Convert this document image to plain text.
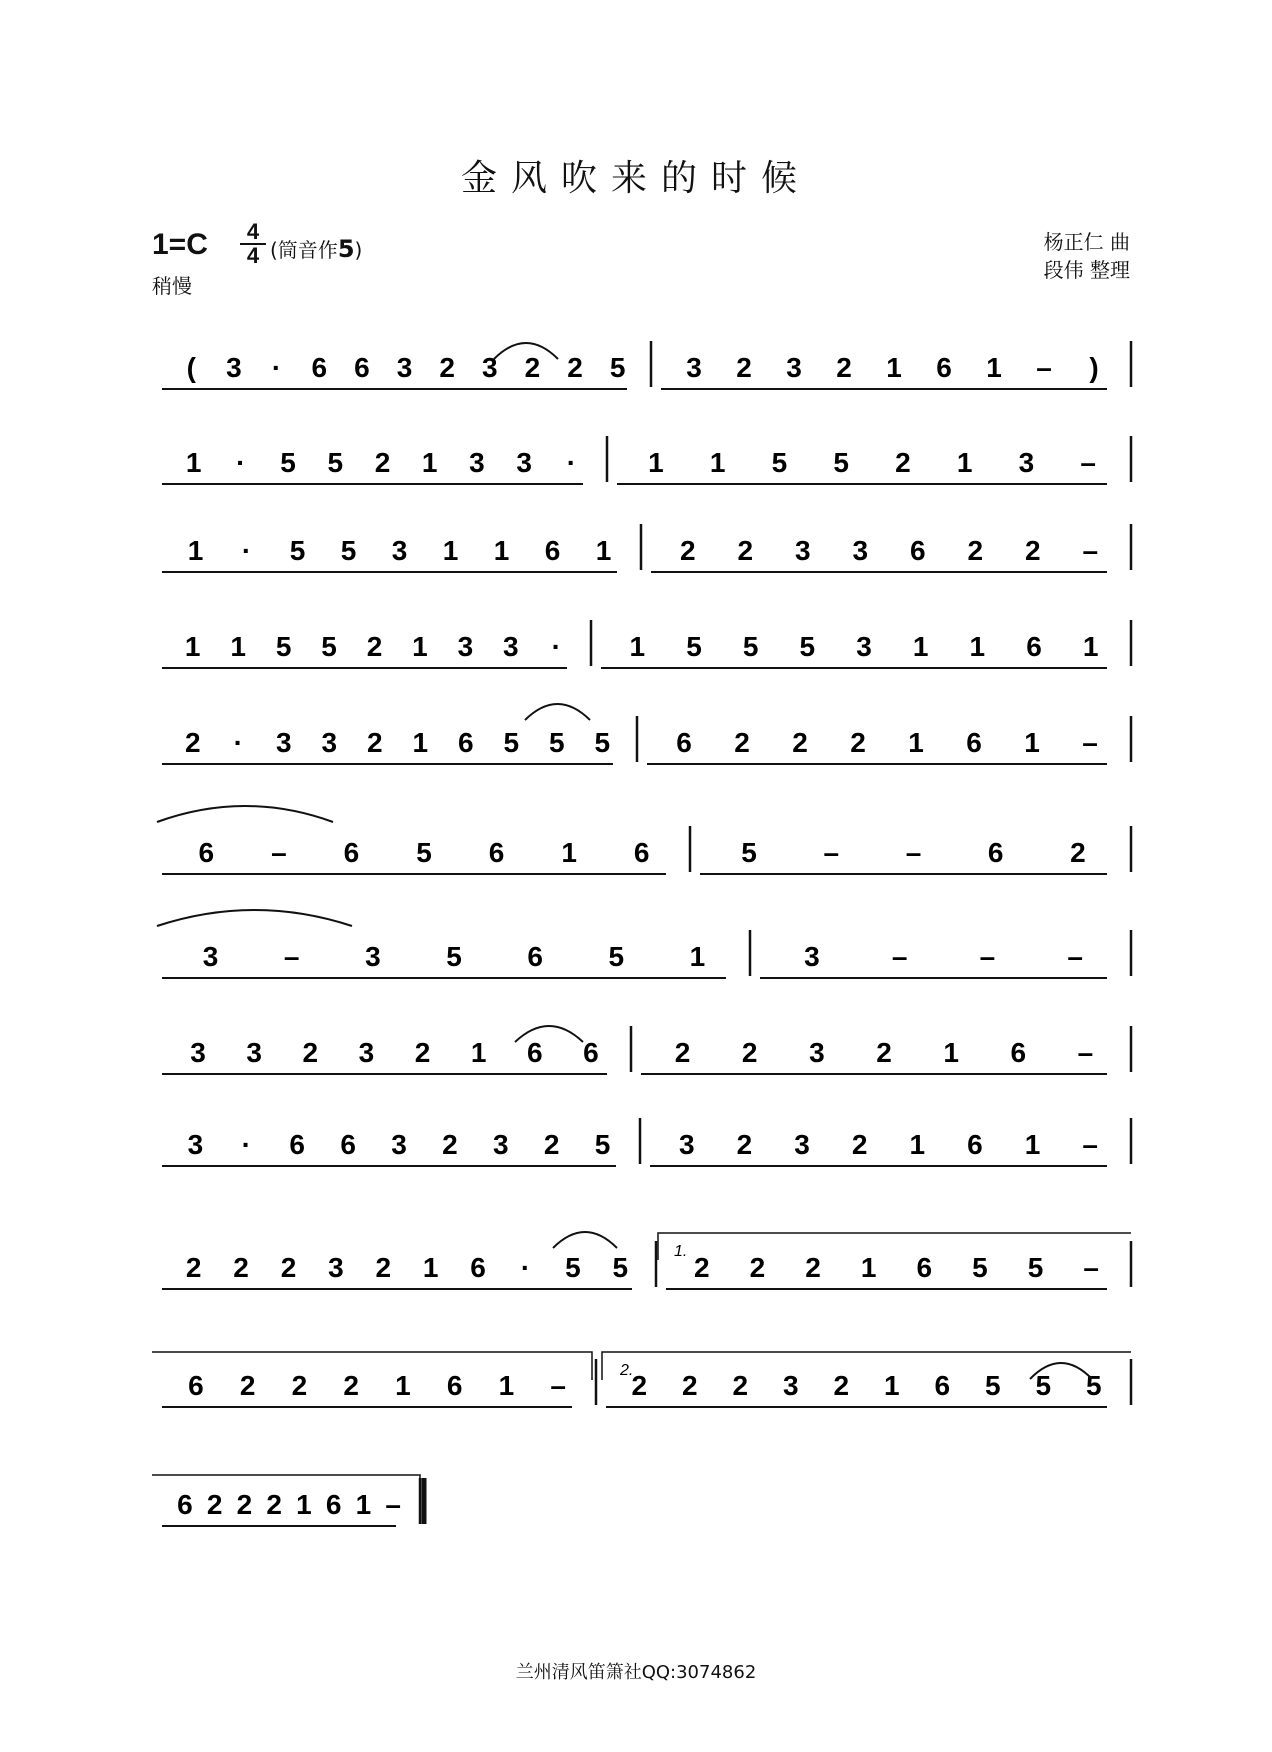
金风吹来的时候
1=C	4
4 (筒音作5)
稍慢
杨正仁 曲
段伟 整理
( 3 · 6 6 3 2 3 2 2 5 3 2 3 2 1 6 1 – )
1 · 5 5 2 1 3 3 ·	1 1 5 5 2 1 3 –
1 · 5 5 3 1 1 6 1 2 2 3 3 6 2 2 –
1 1 5 5 2 1 3 3 · 1 5 5 5 3 1 1 6 1
2 · 3 3 2 1 6 5 5 5 6 2 2 2 1 6 1 –
6 – 6 5 6 1 6	5 – – 6 2
3 – 3 5 6 5 1	3	–	–	–
3 3 2 3 2 1 6 6	2 2 3 2 1 6 –
3 · 6 6 3 2 3 2 5 3 2 3 2 1 6 1 –
2 2 2 3 2 1 6 · 5 5 2 2 2 1 6 5 5 –
6 2 2 2 1 6 1 – 2 2 2 3 2 1 6 5 5 5
6 2 2 2 1 6 1 –
1.
2.
兰州清风笛箫社QQ:3074862
